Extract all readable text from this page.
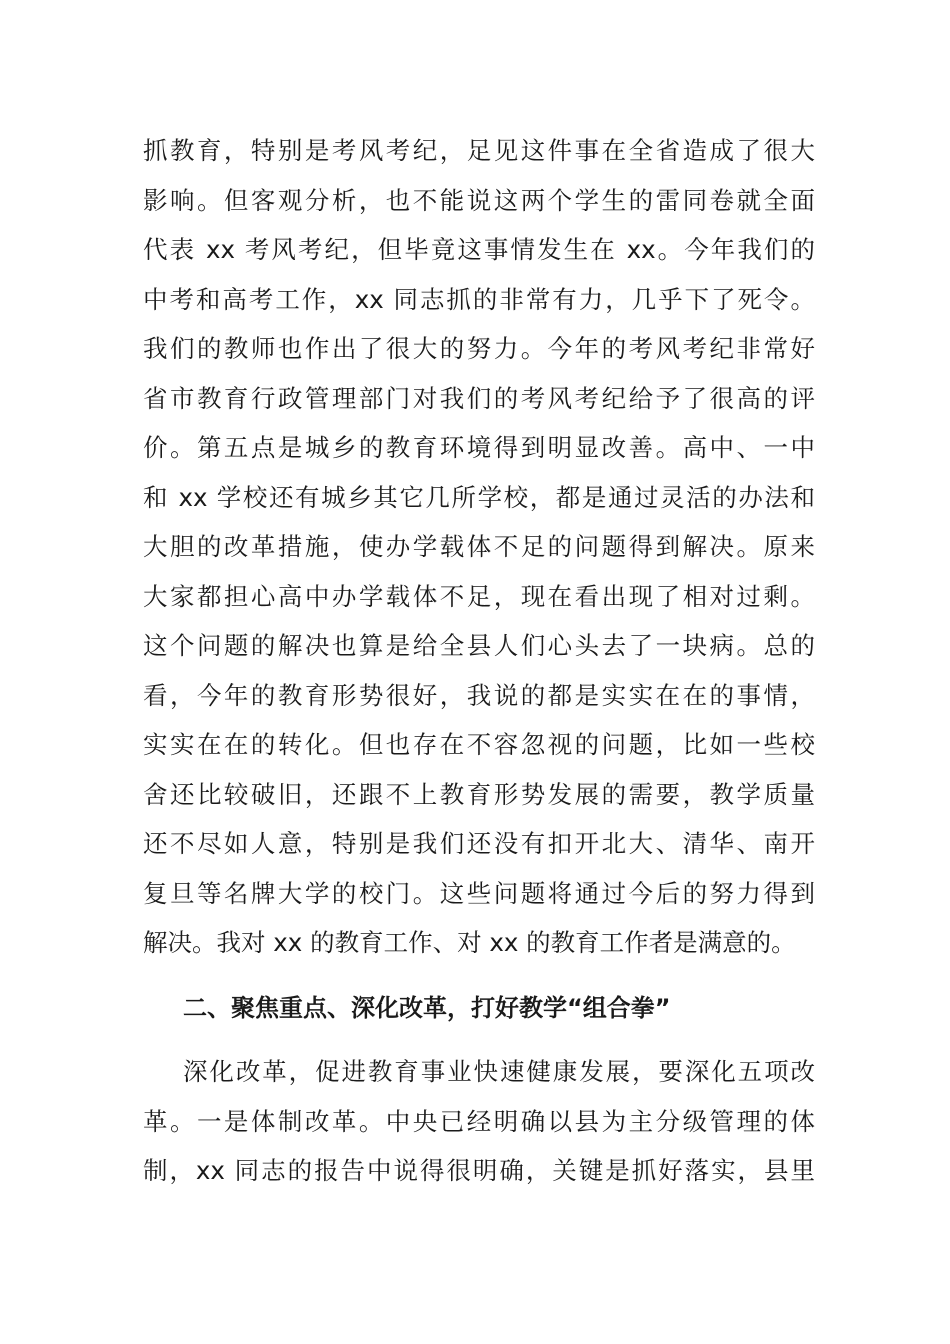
抓教育，特别是考风考纪，足见这件事在全省造成了很大
影响。但客观分析，也不能说这两个学生的雷同卷就全面
代表 xx 考风考纪，但毕竟这事情发生在 xx。今年我们的
中考和高考工作，xx 同志抓的非常有力，几乎下了死令。
我们的教师也作出了很大的努力。今年的考风考纪非常好
省市教育行政管理部门对我们的考风考纪给予了很高的评
价。第五点是城乡的教育环境得到明显改善。高中、一中
和 xx 学校还有城乡其它几所学校，都是通过灵活的办法和
大胆的改革措施，使办学载体不足的问题得到解决。原来
大家都担心高中办学载体不足，现在看出现了相对过剩。
这个问题的解决也算是给全县人们心头去了一块病。总的
看，今年的教育形势很好，我说的都是实实在在的事情，
实实在在的转化。但也存在不容忽视的问题，比如一些校
舍还比较破旧，还跟不上教育形势发展的需要，教学质量
还不尽如人意，特别是我们还没有扣开北大、清华、南开
复旦等名牌大学的校门。这些问题将通过今后的努力得到
解决。我对 xx 的教育工作、对 xx 的教育工作者是满意的。
二、聚焦重点、深化改革，打好教学“组合拳”
深化改革，促进教育事业快速健康发展，要深化五项改
革。一是体制改革。中央已经明确以县为主分级管理的体
制，xx 同志的报告中说得很明确，关键是抓好落实，县里
